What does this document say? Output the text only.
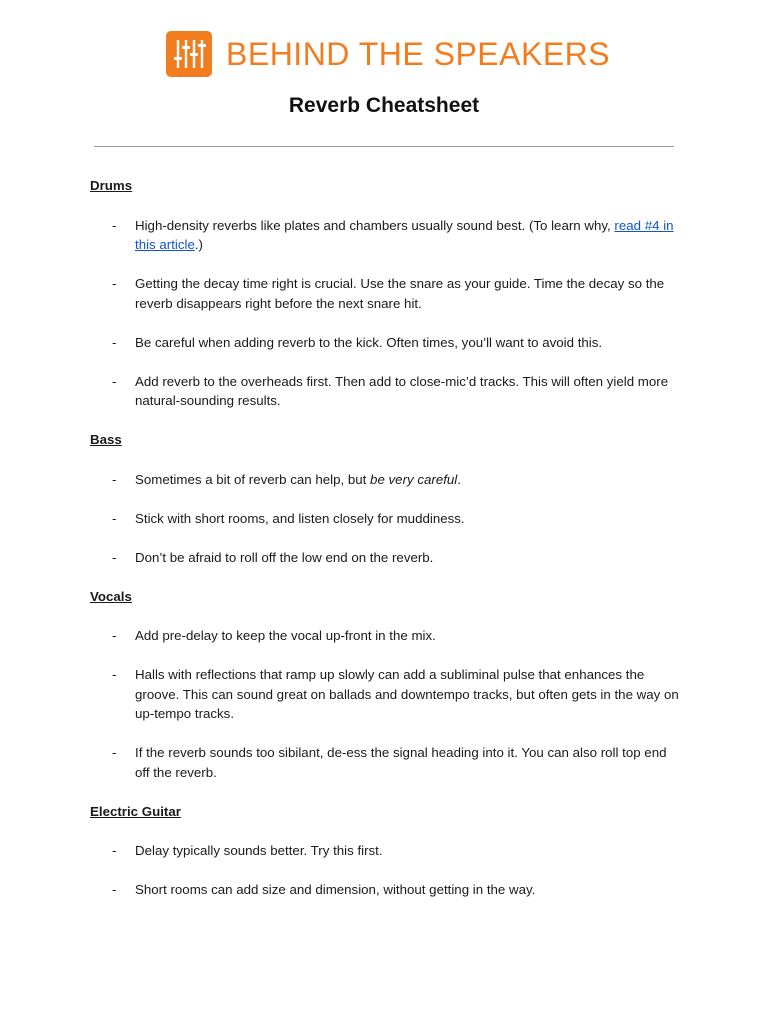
BEHIND THE SPEAKERS
Reverb Cheatsheet
Drums
- High-density reverbs like plates and chambers usually sound best. (To learn why, read #4 in this article.)
- Getting the decay time right is crucial. Use the snare as your guide. Time the decay so the reverb disappears right before the next snare hit.
- Be careful when adding reverb to the kick. Often times, you’ll want to avoid this.
- Add reverb to the overheads first. Then add to close-mic’d tracks. This will often yield more natural-sounding results.
Bass
- Sometimes a bit of reverb can help, but be very careful.
- Stick with short rooms, and listen closely for muddiness.
- Don’t be afraid to roll off the low end on the reverb.
Vocals
- Add pre-delay to keep the vocal up-front in the mix.
- Halls with reflections that ramp up slowly can add a subliminal pulse that enhances the groove. This can sound great on ballads and downtempo tracks, but often gets in the way on up-tempo tracks.
- If the reverb sounds too sibilant, de-ess the signal heading into it. You can also roll top end off the reverb.
Electric Guitar
- Delay typically sounds better. Try this first.
- Short rooms can add size and dimension, without getting in the way.
